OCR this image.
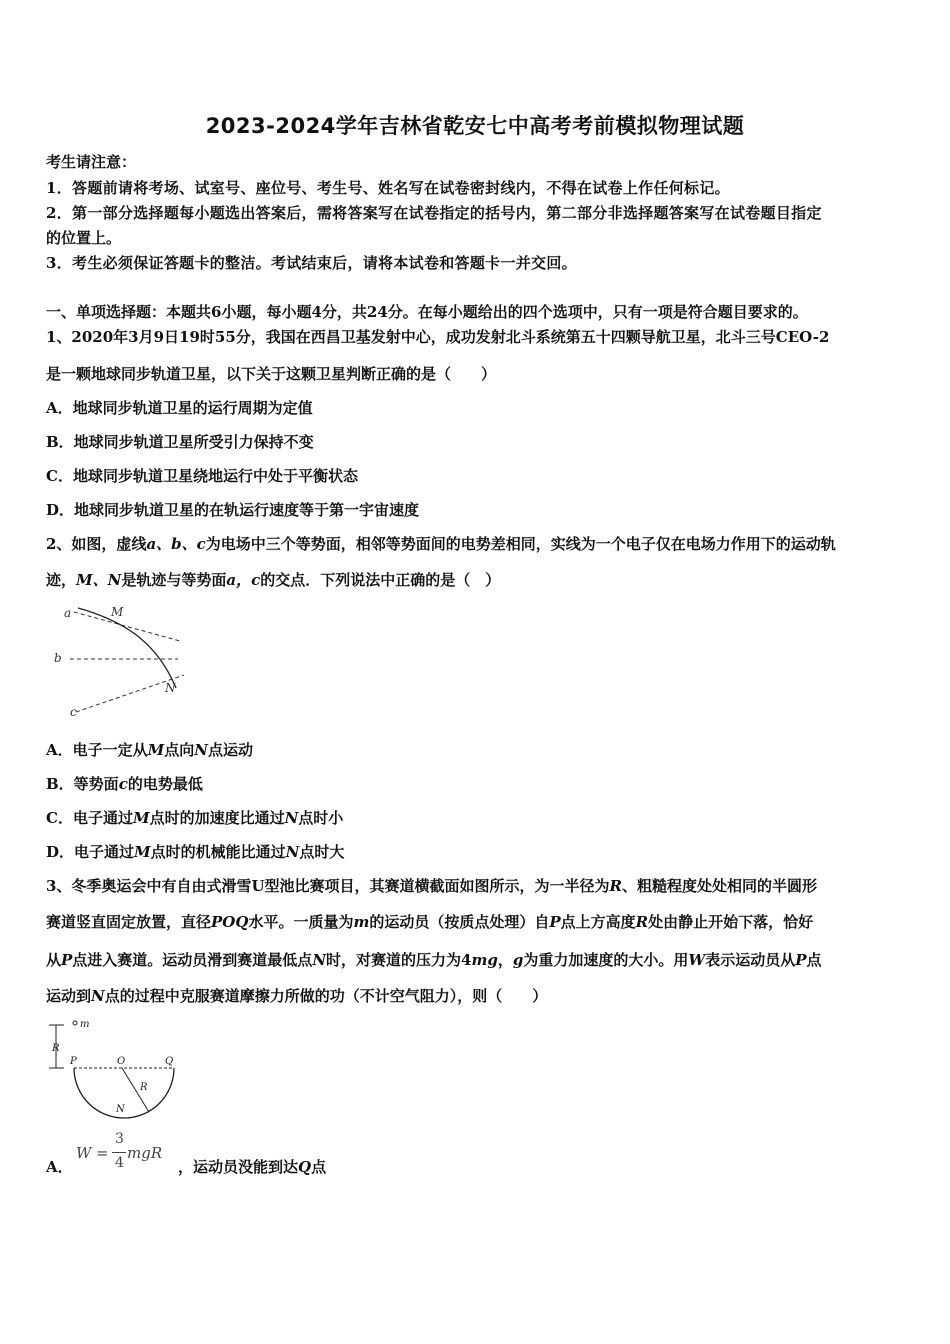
2023-2024学年吉林省乾安七中高考考前模拟物理试题
考生请注意：
1．答题前请将考场、试室号、座位号、考生号、姓名写在试卷密封线内，不得在试卷上作任何标记。
2．第一部分选择题每小题选出答案后，需将答案写在试卷指定的括号内，第二部分非选择题答案写在试卷题目指定
的位置上。
3．考生必须保证答题卡的整洁。考试结束后，请将本试卷和答题卡一并交回。
一、单项选择题：本题共6小题，每小题4分，共24分。在每小题给出的四个选项中，只有一项是符合题目要求的。
1、2020年3月9日19时55分，我国在西昌卫基发射中心，成功发射北斗系统第五十四颗导航卫星，北斗三号CEO-2
是一颗地球同步轨道卫星，以下关于这颗卫星判断正确的是（　　）
A．地球同步轨道卫星的运行周期为定值
B．地球同步轨道卫星所受引力保持不变
C．地球同步轨道卫星绕地运行中处于平衡状态
D．地球同步轨道卫星的在轨运行速度等于第一宇宙速度
2、如图，虚线a、b、c为电场中三个等势面，相邻等势面间的电势差相同，实线为一个电子仅在电场力作用下的运动轨
迹，M、N是轨迹与等势面a，c的交点．下列说法中正确的是（　）
a	M
b
N
c
A．电子一定从M点向N点运动
B．等势面c的电势最低
C．电子通过M点时的加速度比通过N点时小
D．电子通过M点时的机械能比通过N点时大
3、冬季奥运会中有自由式滑雪U型池比赛项目，其赛道横截面如图所示，为一半径为R、粗糙程度处处相同的半圆形
赛道竖直固定放置，直径POQ水平。一质量为m的运动员（按质点处理）自P点上方高度R处由静止开始下落，恰好
从P点进入赛道。运动员滑到赛道最低点N时，对赛道的压力为4mg，g为重力加速度的大小。用W表示运动员从P点
运动到N点的过程中克服赛道摩擦力所做的功（不计空气阻力），则（　　）
m
R
P	O	Q
R
N
A．
W =
3
4
mgR
，运动员没能到达Q点
